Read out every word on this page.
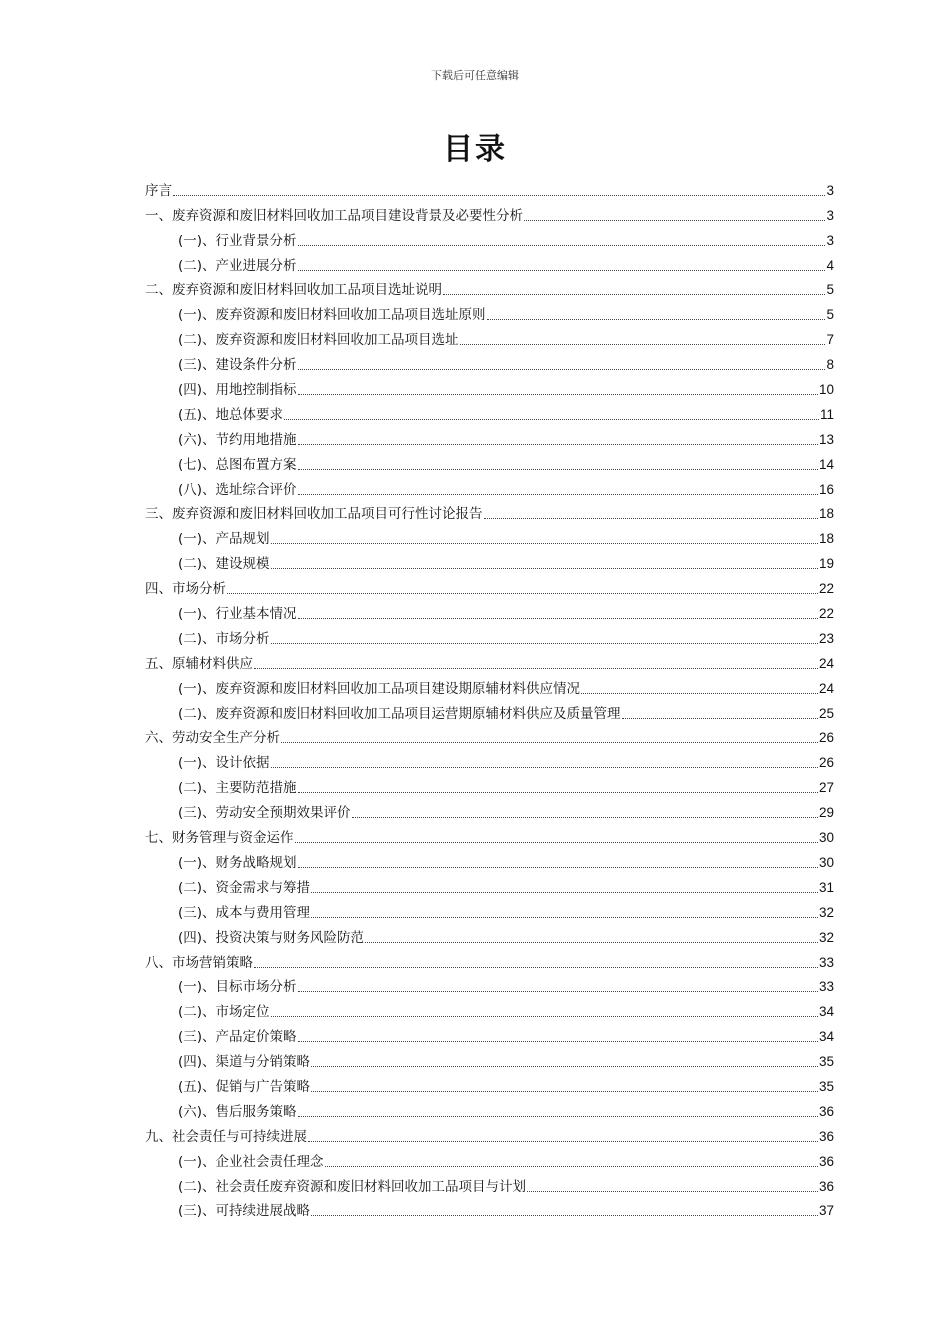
下载后可任意编辑
目录
序言	3
一、废弃资源和废旧材料回收加工品项目建设背景及必要性分析	3
(一)、行业背景分析	3
(二)、产业进展分析	4
二、废弃资源和废旧材料回收加工品项目选址说明	5
(一)、废弃资源和废旧材料回收加工品项目选址原则	5
(二)、废弃资源和废旧材料回收加工品项目选址	7
(三)、建设条件分析	8
(四)、用地控制指标	10
(五)、地总体要求	11
(六)、节约用地措施	13
(七)、总图布置方案	14
(八)、选址综合评价	16
三、废弃资源和废旧材料回收加工品项目可行性讨论报告	18
(一)、产品规划	18
(二)、建设规模	19
四、市场分析	22
(一)、行业基本情况	22
(二)、市场分析	23
五、原辅材料供应	24
(一)、废弃资源和废旧材料回收加工品项目建设期原辅材料供应情况	24
(二)、废弃资源和废旧材料回收加工品项目运营期原辅材料供应及质量管理	25
六、劳动安全生产分析	26
(一)、设计依据	26
(二)、主要防范措施	27
(三)、劳动安全预期效果评价	29
七、财务管理与资金运作	30
(一)、财务战略规划	30
(二)、资金需求与筹措	31
(三)、成本与费用管理	32
(四)、投资决策与财务风险防范	32
八、市场营销策略	33
(一)、目标市场分析	33
(二)、市场定位	34
(三)、产品定价策略	34
(四)、渠道与分销策略	35
(五)、促销与广告策略	35
(六)、售后服务策略	36
九、社会责任与可持续进展	36
(一)、企业社会责任理念	36
(二)、社会责任废弃资源和废旧材料回收加工品项目与计划	36
(三)、可持续进展战略	37
